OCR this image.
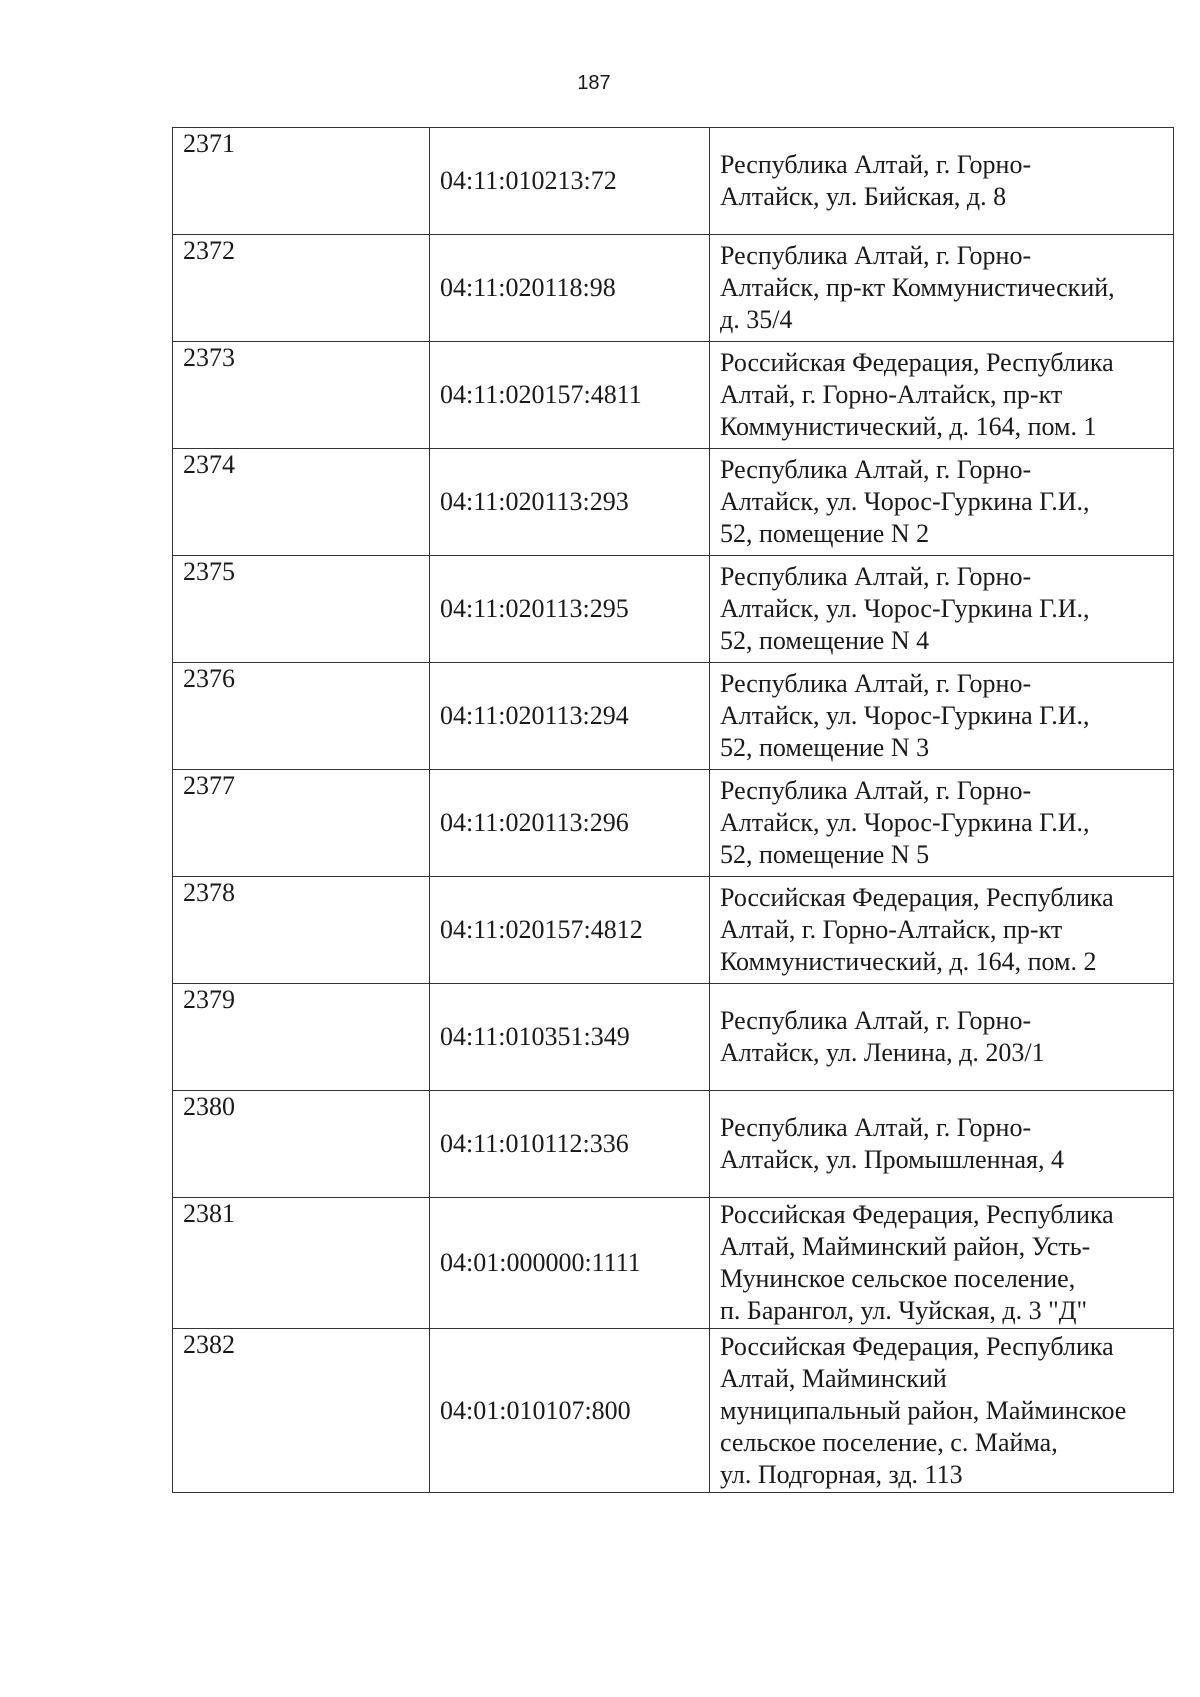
187
2371	04:11:010213:72	Республика Алтай, г. Горно-
Алтайск, ул. Бийская, д. 8

2372	04:11:020118:98	Республика Алтай, г. Горно-
Алтайск, пр-кт Коммунистический,
д. 35/4

2373	04:11:020157:4811	Российская Федерация, Республика
Алтай, г. Горно-Алтайск, пр-кт
Коммунистический, д. 164, пом. 1

2374	04:11:020113:293	Республика Алтай, г. Горно-
Алтайск, ул. Чорос-Гуркина Г.И.,
52, помещение N 2

2375	04:11:020113:295	Республика Алтай, г. Горно-
Алтайск, ул. Чорос-Гуркина Г.И.,
52, помещение N 4

2376	04:11:020113:294	Республика Алтай, г. Горно-
Алтайск, ул. Чорос-Гуркина Г.И.,
52, помещение N 3

2377	04:11:020113:296	Республика Алтай, г. Горно-
Алтайск, ул. Чорос-Гуркина Г.И.,
52, помещение N 5

2378	04:11:020157:4812	Российская Федерация, Республика
Алтай, г. Горно-Алтайск, пр-кт
Коммунистический, д. 164, пом. 2

2379	04:11:010351:349	Республика Алтай, г. Горно-
Алтайск, ул. Ленина, д. 203/1

2380	04:11:010112:336	Республика Алтай, г. Горно-
Алтайск, ул. Промышленная, 4

2381	04:01:000000:1111	Российская Федерация, Республика
Алтай, Майминский район, Усть-
Мунинское сельское поселение,
п. Барангол, ул. Чуйская, д. 3 "Д"

2382	04:01:010107:800	Российская Федерация, Республика
Алтай, Майминский
муниципальный район, Майминское
сельское поселение, с. Майма,
ул. Подгорная, зд. 113
